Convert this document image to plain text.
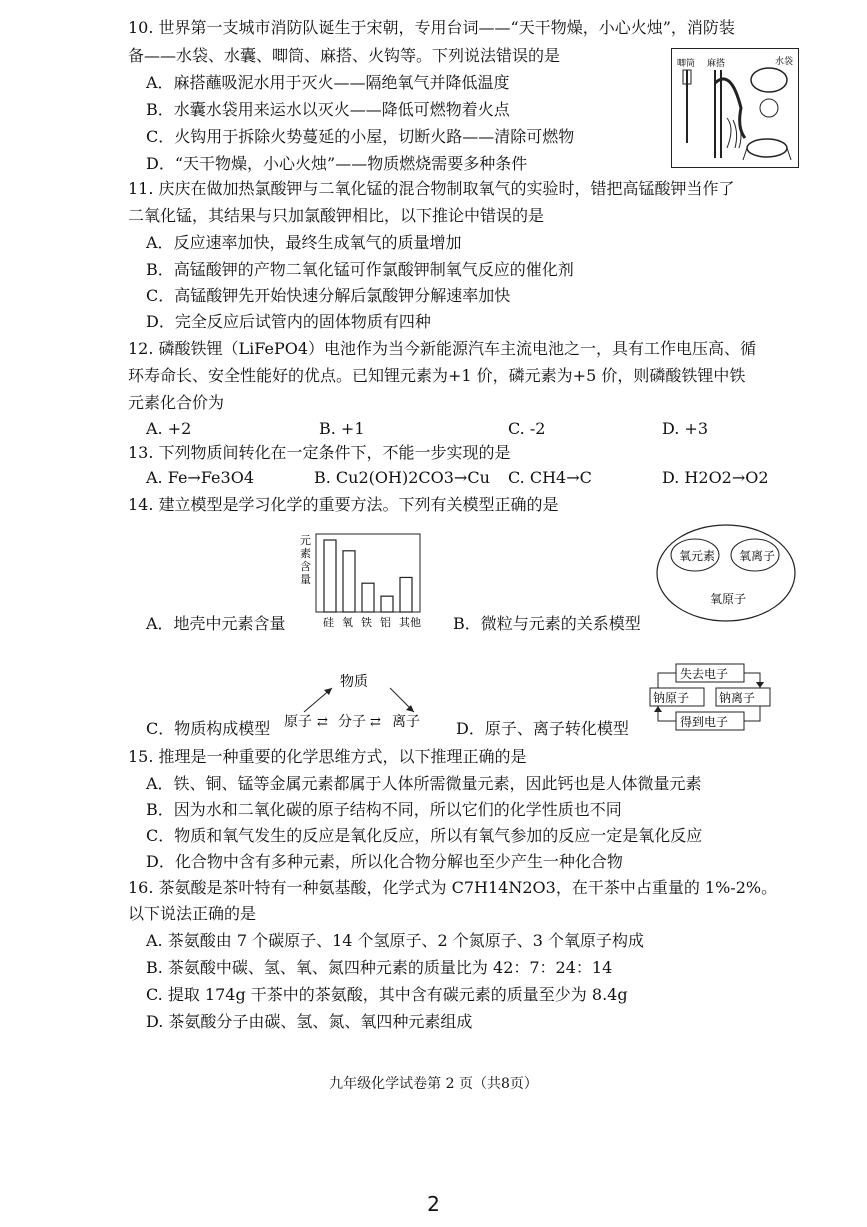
10. 世界第一支城市消防队诞生于宋朝，专用台词——“天干物燥，小心火烛”，消防装
备——水袋、水囊、唧筒、麻搭、火钩等。下列说法错误的是
A．麻搭蘸吸泥水用于灭火——隔绝氧气并降低温度
B．水囊水袋用来运水以灭火——降低可燃物着火点
C．火钩用于拆除火势蔓延的小屋，切断火路——清除可燃物
D．“天干物燥，小心火烛”——物质燃烧需要多种条件
唧筒 麻搭	水袋
11. 庆庆在做加热氯酸钾与二氧化锰的混合物制取氧气的实验时，错把高锰酸钾当作了
二氧化锰，其结果与只加氯酸钾相比，以下推论中错误的是
A．反应速率加快，最终生成氧气的质量增加
B．高锰酸钾的产物二氧化锰可作氯酸钾制氧气反应的催化剂
C．高锰酸钾先开始快速分解后氯酸钾分解速率加快
D．完全反应后试管内的固体物质有四种
12. 磷酸铁锂（LiFePO4）电池作为当今新能源汽车主流电池之一，具有工作电压高、循
环寿命长、安全性能好的优点。已知锂元素为+1 价，磷元素为+5 价，则磷酸铁锂中铁
元素化合价为
A. +2	B. +1	C. -2	D. +3
13. 下列物质间转化在一定条件下，不能一步实现的是
A. Fe→Fe3O4	B. Cu2(OH)2CO3→Cu C. CH4→C	D. H2O2→O2
14. 建立模型是学习化学的重要方法。下列有关模型正确的是
元
素
含
量
硅 氧 铁 铝 其他
A．地壳中元素含量
氧元素 氧离子
氧原子
B．微粒与元素的关系模型
物质
原子 ⇄ 分子 ⇄ 离子
C．物质构成模型
失去电子
钠原子 钠离子
得到电子
D．原子、离子转化模型
15. 推理是一种重要的化学思维方式，以下推理正确的是
A．铁、铜、锰等金属元素都属于人体所需微量元素，因此钙也是人体微量元素
B．因为水和二氧化碳的原子结构不同，所以它们的化学性质也不同
C．物质和氧气发生的反应是氧化反应，所以有氧气参加的反应一定是氧化反应
D．化合物中含有多种元素，所以化合物分解也至少产生一种化合物
16. 茶氨酸是茶叶特有一种氨基酸，化学式为 C7H14N2O3，在干茶中占重量的 1%-2%。
以下说法正确的是
A. 茶氨酸由 7 个碳原子、14 个氢原子、2 个氮原子、3 个氧原子构成
B. 茶氨酸中碳、氢、氧、氮四种元素的质量比为 42：7：24：14
C. 提取 174g 干茶中的茶氨酸，其中含有碳元素的质量至少为 8.4g
D. 茶氨酸分子由碳、氢、氮、氧四种元素组成
九年级化学试卷第 2 页（共8页）
2
